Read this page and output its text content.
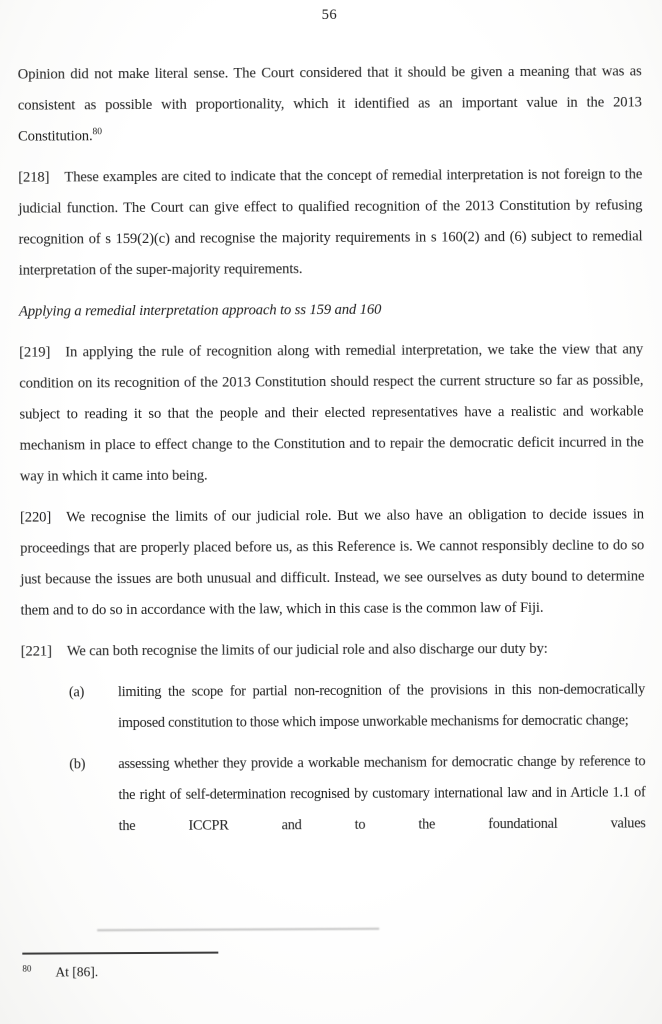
56

Opinion did not make literal sense. The Court considered that it should be given a meaning that was as consistent as possible with proportionality, which it identified as an important value in the 2013 Constitution.$^{80}$

[218] These examples are cited to indicate that the concept of remedial interpretation is not foreign to the judicial function. The Court can give effect to qualified recognition of the 2013 Constitution by refusing recognition of s 159(2)(c) and recognise the majority requirements in s 160(2) and (6) subject to remedial interpretation of the super-majority requirements.

Applying a remedial interpretation approach to ss 159 and 160

[219] In applying the rule of recognition along with remedial interpretation, we take the view that any condition on its recognition of the 2013 Constitution should respect the current structure so far as possible, subject to reading it so that the people and their elected representatives have a realistic and workable mechanism in place to effect change to the Constitution and to repair the democratic deficit incurred in the way in which it came into being.

[220] We recognise the limits of our judicial role. But we also have an obligation to decide issues in proceedings that are properly placed before us, as this Reference is. We cannot responsibly decline to do so just because the issues are both unusual and difficult. Instead, we see ourselves as duty bound to determine them and to do so in accordance with the law, which in this case is the common law of Fiji.

[221] We can both recognise the limits of our judicial role and also discharge our duty by:

(a)	limiting the scope for partial non-recognition of the provisions in this non-democratically imposed constitution to those which impose unworkable mechanisms for democratic change;
(b)	assessing whether they provide a workable mechanism for democratic change by reference to the right of self-determination recognised by customary international law and in Article 1.1 of the ICCPR and to the foundational values
$^{80}$ At [86].
